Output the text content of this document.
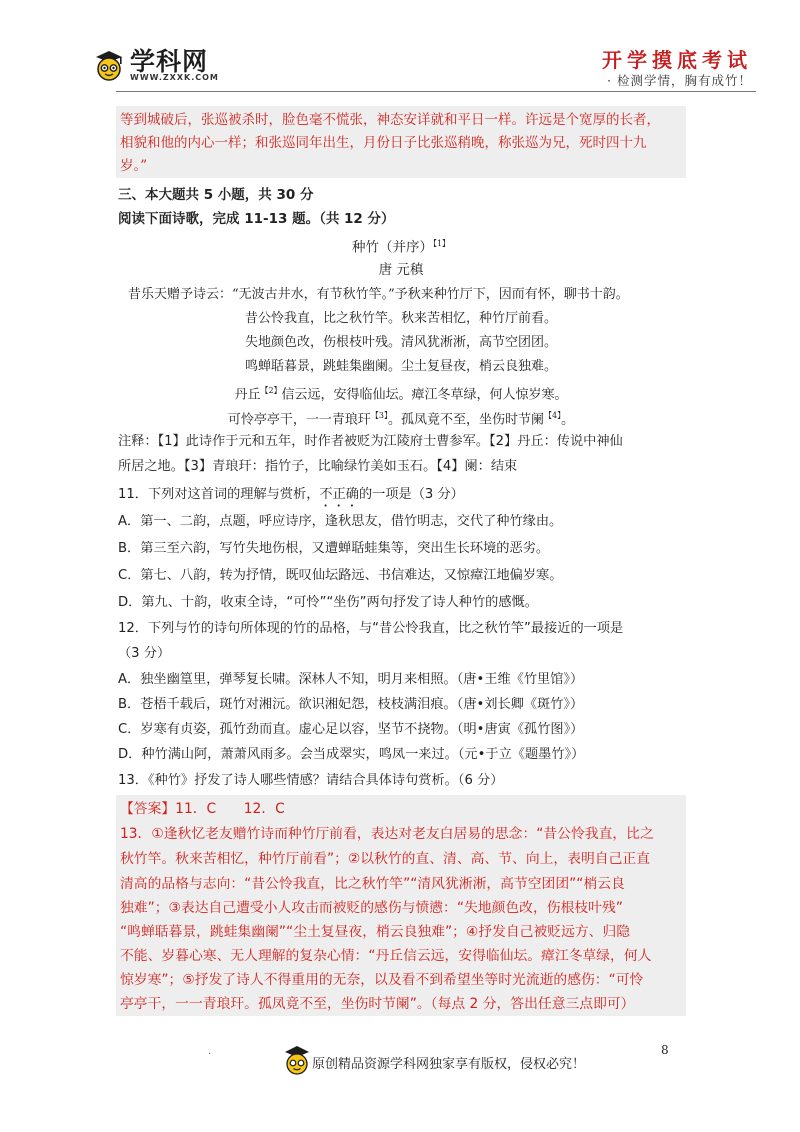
学科网
WWW.ZXXK.COM
开学摸底考试
· 检测学情，胸有成竹！
等到城破后，张巡被杀时，脸色毫不慌张，神态安详就和平日一样。许远是个宽厚的长者，
相貌和他的内心一样；和张巡同年出生，月份日子比张巡稍晚，称张巡为兄，死时四十九
岁。”
三、本大题共 5 小题，共 30 分
阅读下面诗歌，完成 11-13 题。（共 12 分）
种竹（并序）$^{【1】}$
唐 元稹
昔乐天赠予诗云：“无波古井水，有节秋竹竿。”予秋来种竹厅下，因而有怀，聊书十韵。
昔公怜我直，比之秋竹竿。秋来苦相忆，种竹厅前看。
失地颜色改，伤根枝叶残。清风犹淅淅，高节空团团。
鸣蝉聒暮景，跳蛙集幽阑。尘土复昼夜，梢云良独难。
丹丘$^{【2】}$信云远，安得临仙坛。瘴江冬草绿，何人惊岁寒。
可怜亭亭干，一一青琅玕$^{【3】}$。孤凤竟不至，坐伤时节阑$^{【4】}$。
注释：【1】此诗作于元和五年，时作者被贬为江陵府士曹参军。【2】丹丘：传说中神仙
所居之地。【3】青琅玕：指竹子，比喻绿竹美如玉石。【4】阑：结束
11．下列对这首词的理解与赏析，不正确的一项是（3 分）
A．第一、二韵，点题，呼应诗序，逢秋思友，借竹明志，交代了种竹缘由。
B．第三至六韵，写竹失地伤根，又遭蝉聒蛙集等，突出生长环境的恶劣。
C．第七、八韵，转为抒情，既叹仙坛路远、书信难达，又惊瘴江地偏岁寒。
D．第九、十韵，收束全诗，“可怜”“坐伤”两句抒发了诗人种竹的感慨。
12．下列与竹的诗句所体现的竹的品格，与“昔公怜我直，比之秋竹竿”最接近的一项是
（3 分）
A．独坐幽篁里，弹琴复长啸。深林人不知，明月来相照。（唐•王维《竹里馆》）
B．苍梧千载后，斑竹对湘沅。欲识湘妃怨，枝枝满泪痕。（唐•刘长卿《斑竹》）
C．岁寒有贞姿，孤竹劲而直。虚心足以容，坚节不挠物。（明•唐寅《孤竹图》）
D．种竹满山阿，萧萧风雨多。会当成翠实，鸣凤一来过。（元•于立《题墨竹》）
13．《种竹》抒发了诗人哪些情感？请结合具体诗句赏析。（6 分）
【答案】11．C　　12．C
13．①逢秋忆老友赠竹诗而种竹厅前看，表达对老友白居易的思念：“昔公怜我直，比之
秋竹竿。秋来苦相忆，种竹厅前看”；②以秋竹的直、清、高、节、向上，表明自己正直
清高的品格与志向：“昔公怜我直，比之秋竹竿”“清风犹淅淅，高节空团团”“梢云良
独难”；③表达自己遭受小人攻击而被贬的感伤与愤懑：“失地颜色改，伤根枝叶残”
“鸣蝉聒暮景，跳蛙集幽阑”“尘土复昼夜，梢云良独难”；④抒发自己被贬远方、归隐
不能、岁暮心寒、无人理解的复杂心情：“丹丘信云远，安得临仙坛。瘴江冬草绿，何人
惊岁寒”；⑤抒发了诗人不得重用的无奈，以及看不到希望坐等时光流逝的感伤：“可怜
亭亭干，一一青琅玕。孤凤竟不至，坐伤时节阑”。（每点 2 分，答出任意三点即可）
.
原创精品资源学科网独家享有版权，侵权必究！
8
